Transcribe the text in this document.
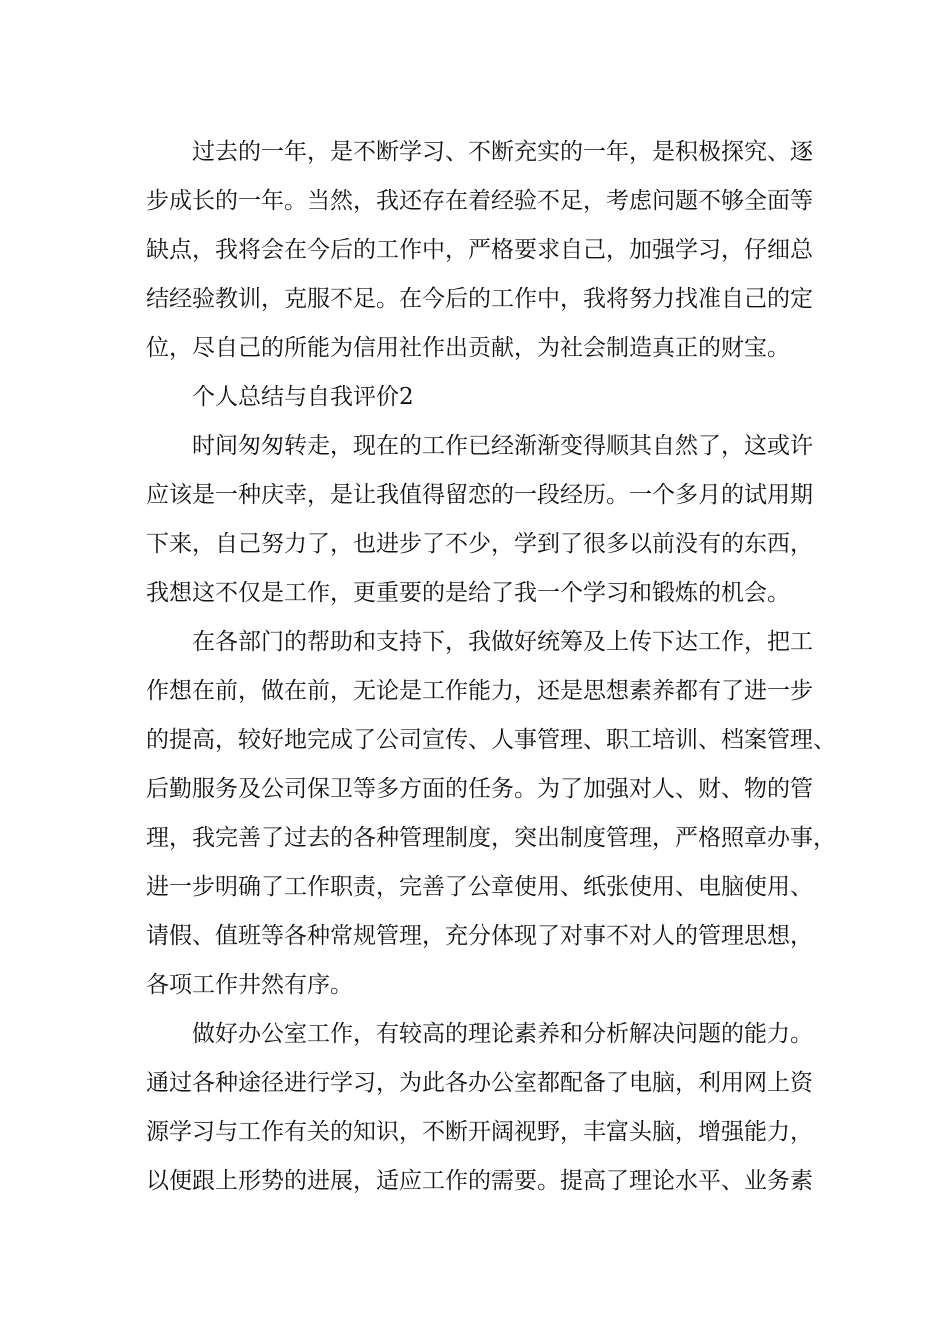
过去的一年，是不断学习、不断充实的一年，是积极探究、逐
步成长的一年。当然，我还存在着经验不足，考虑问题不够全面等
缺点，我将会在今后的工作中，严格要求自己，加强学习，仔细总
结经验教训，克服不足。在今后的工作中，我将努力找准自己的定
位，尽自己的所能为信用社作出贡献，为社会制造真正的财宝。
个人总结与自我评价2
时间匆匆转走，现在的工作已经渐渐变得顺其自然了，这或许
应该是一种庆幸，是让我值得留恋的一段经历。一个多月的试用期
下来，自己努力了，也进步了不少，学到了很多以前没有的东西，
我想这不仅是工作，更重要的是给了我一个学习和锻炼的机会。
在各部门的帮助和支持下，我做好统筹及上传下达工作，把工
作想在前，做在前，无论是工作能力，还是思想素养都有了进一步
的提高，较好地完成了公司宣传、人事管理、职工培训、档案管理、
后勤服务及公司保卫等多方面的任务。为了加强对人、财、物的管
理，我完善了过去的各种管理制度，突出制度管理，严格照章办事，
进一步明确了工作职责，完善了公章使用、纸张使用、电脑使用、
请假、值班等各种常规管理，充分体现了对事不对人的管理思想，
各项工作井然有序。
做好办公室工作，有较高的理论素养和分析解决问题的能力。
通过各种途径进行学习，为此各办公室都配备了电脑，利用网上资
源学习与工作有关的知识，不断开阔视野，丰富头脑，增强能力，
以便跟上形势的进展，适应工作的需要。提高了理论水平、业务素
